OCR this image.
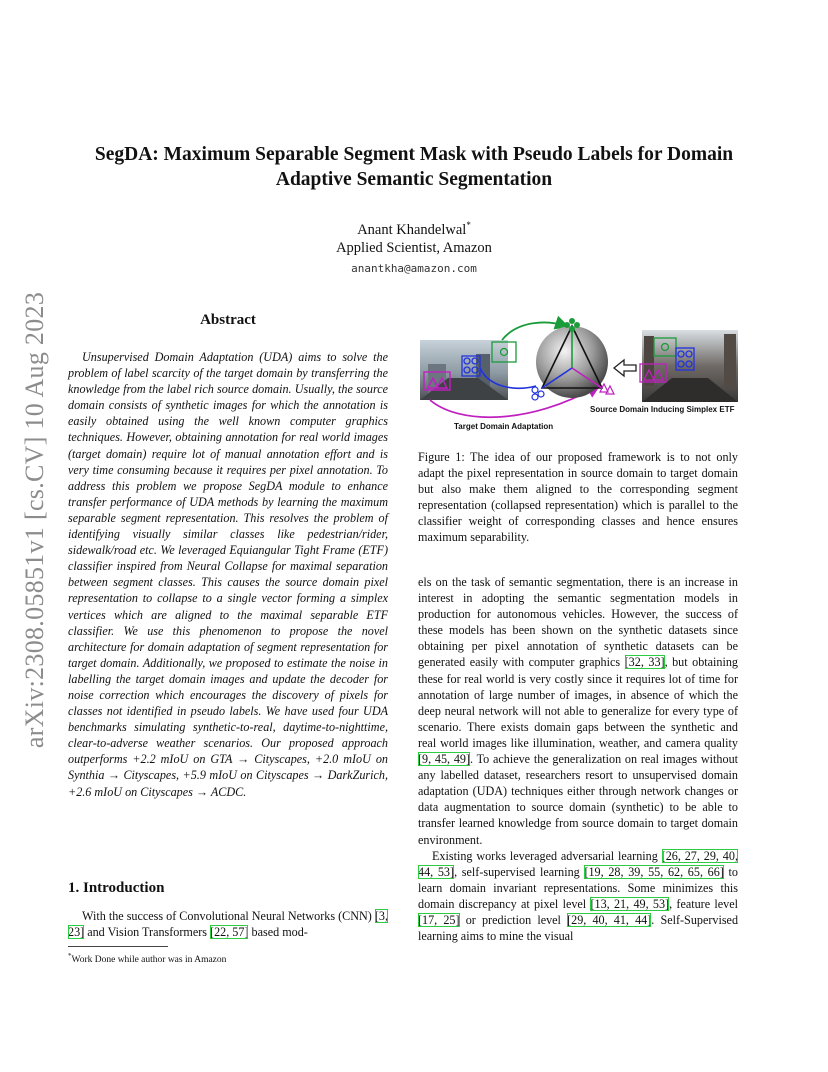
arXiv:2308.05851v1 [cs.CV] 10 Aug 2023
SegDA: Maximum Separable Segment Mask with Pseudo Labels for Domain
Adaptive Semantic Segmentation
Anant Khandelwal*
Applied Scientist, Amazon
anantkha@amazon.com
Abstract

Unsupervised Domain Adaptation (UDA) aims to solve the problem of label scarcity of the target domain by transferring the knowledge from the label rich source domain. Usually, the source domain consists of synthetic images for which the annotation is easily obtained using the well known computer graphics techniques. However, obtaining annotation for real world images (target domain) require lot of manual annotation effort and is very time consuming because it requires per pixel annotation. To address this problem we propose SegDA module to enhance transfer performance of UDA methods by learning the maximum separable segment representation. This resolves the problem of identifying visually similar classes like pedestrian/rider, sidewalk/road etc. We leveraged Equiangular Tight Frame (ETF) classifier inspired from Neural Collapse for maximal separation between segment classes. This causes the source domain pixel representation to collapse to a single vector forming a simplex vertices which are aligned to the maximal separable ETF classifier. We use this phenomenon to propose the novel architecture for domain adaptation of segment representation for target domain. Additionally, we proposed to estimate the noise in labelling the target domain images and update the decoder for noise correction which encourages the discovery of pixels for classes not identified in pseudo labels. We have used four UDA benchmarks simulating synthetic-to-real, daytime-to-nighttime, clear-to-adverse weather scenarios. Our proposed approach outperforms +2.2 mIoU on GTA → Cityscapes, +2.0 mIoU on Synthia → Cityscapes, +5.9 mIoU on Cityscapes → DarkZurich, +2.6 mIoU on Cityscapes → ACDC.

1. Introduction

With the success of Convolutional Neural Networks (CNN) [3, 23] and Vision Transformers [22, 57] based mod-

*Work Done while author was in Amazon
Source Domain Inducing Simplex ETF
Target Domain Adaptation
Figure 1: The idea of our proposed framework is to not only adapt the pixel representation in source domain to target domain but also make them aligned to the corresponding segment representation (collapsed representation) which is parallel to the classifier weight of corresponding classes and hence ensures maximum separability.

els on the task of semantic segmentation, there is an increase in interest in adopting the semantic segmentation models in production for autonomous vehicles. However, the success of these models has been shown on the synthetic datasets since obtaining per pixel annotation of synthetic datasets can be generated easily with computer graphics [32, 33], but obtaining these for real world is very costly since it requires lot of time for annotation of large number of images, in absence of which the deep neural network will not able to generalize for every type of scenario. There exists domain gaps between the synthetic and real world images like illumination, weather, and camera quality [9, 45, 49]. To achieve the generalization on real images without any labelled dataset, researchers resort to unsupervised domain adaptation (UDA) techniques either through network changes or data augmentation to source domain (synthetic) to be able to transfer learned knowledge from source domain to target domain environment.

Existing works leveraged adversarial learning [26, 27, 29, 40, 44, 53], self-supervised learning [19, 28, 39, 55, 62, 65, 66] to learn domain invariant representations. Some minimizes this domain discrepancy at pixel level [13, 21, 49, 53], feature level [17, 25] or prediction level [29, 40, 41, 44]. Self-Supervised learning aims to mine the visual
